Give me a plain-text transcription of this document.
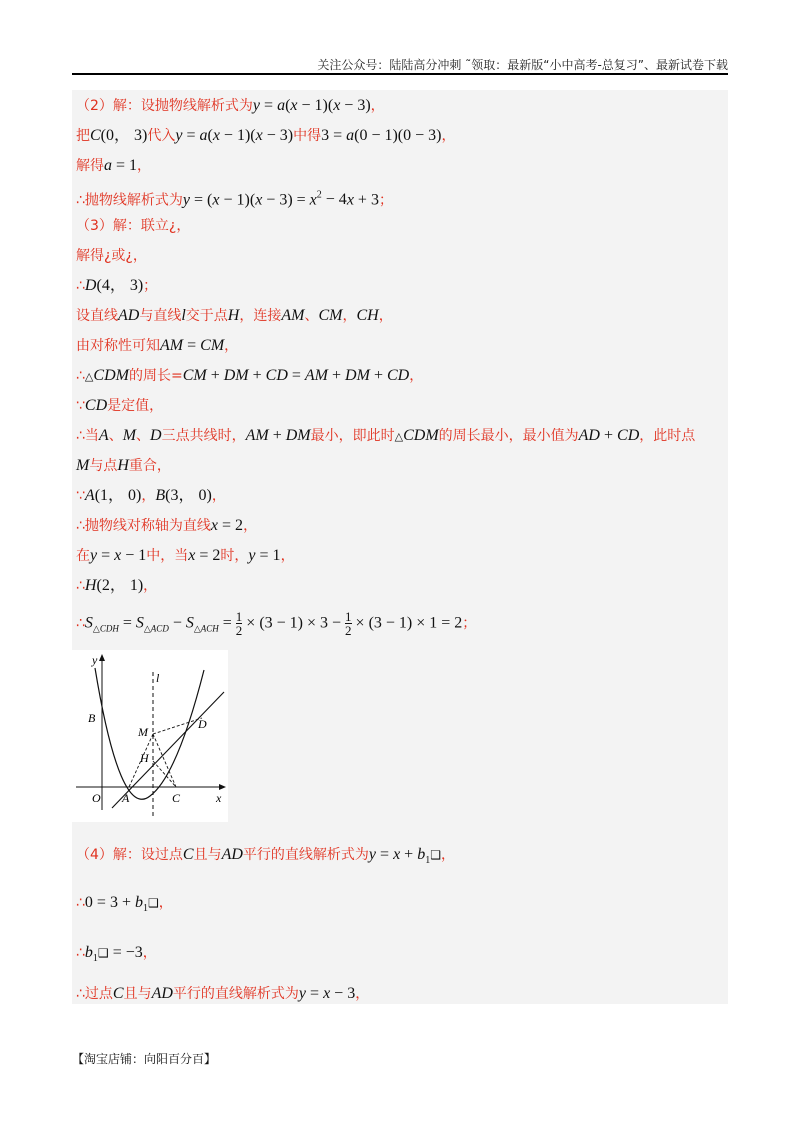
关注公众号：陆陆高分冲刺 ˜领取：最新版“小中高考-总复习”、最新试卷下载
（2）解：设抛物线解析式为y = a(x − 1)(x − 3)，
把C(0， 3)代入y = a(x − 1)(x − 3)中得3 = a(0 − 1)(0 − 3)，
解得a = 1，
∴抛物线解析式为$y = (x - 1)(x - 3) = x^2 - 4x + 3$；
（3）解：联立¿，
解得¿或¿，
∴D(4， 3)；
设直线AD与直线l交于点H，连接AM、CM，CH，
由对称性可知AM = CM，
∴△CDM的周长=CM + DM + CD = AM + DM + CD，
∵CD是定值，
∴当A、M、D三点共线时，AM + DM最小，即此时△CDM的周长最小，最小值为AD + CD，此时点
M与点H重合，
∵A(1， 0)，B(3， 0)，
∴抛物线对称轴为直线x = 2，
在y = x − 1中，当x = 2时，y = 1，
∴H(2， 1)，
$\therefore S_{\triangle CDH} = S_{\triangle ACD} - S_{\triangle ACH} = 1$

2 × (3 − 1) × 3 − 1

2 × (3 − 1) × 1 = 2；
y
l
B	D
M
H
O A	C	x
（4）解：设过点C且与AD平行的直线解析式为$y = x + b_1❑$，
∴0 = $3 + b_1❑$，
$\therefore b_1❑ = -3$，
∴过点C且与AD平行的直线解析式为y = x − 3，
【淘宝店铺：向阳百分百】
